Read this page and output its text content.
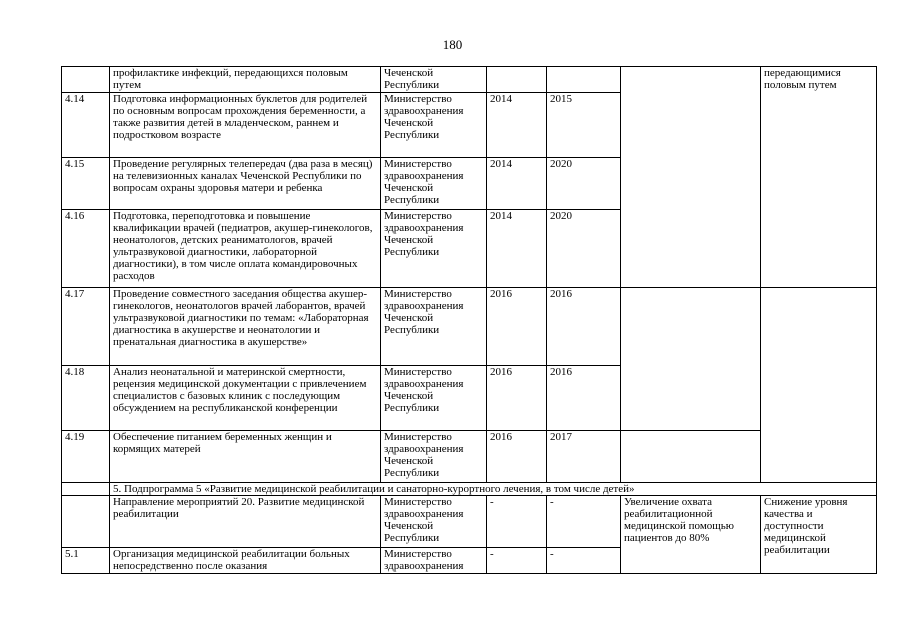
180
	профилактике инфекций, передающихся половым путем	Чеченской Республики				передающимися половым путем
4.14	Подготовка информационных буклетов для родителей по основным вопросам прохождения беременности, а также развития детей в младенческом, раннем и подростковом возрасте	Министерство здравоохранения Чеченской Республики	2014	2015		
4.15	Проведение регулярных телепередач (два раза в месяц) на телевизионных каналах Чеченской Республики по вопросам охраны здоровья матери и ребенка	Министерство здравоохранения Чеченской Республики	2014	2020		
4.16	Подготовка, переподготовка и повышение квалификации врачей (педиатров, акушер-гинекологов, неонатологов, детских реаниматологов, врачей ультразвуковой диагностики, лабораторной диагностики), в том числе оплата командировочных расходов	Министерство здравоохранения Чеченской Республики	2014	2020		
4.17	Проведение совместного заседания общества акушер-гинекологов, неонатологов врачей лаборантов, врачей ультразвуковой диагностики по темам: «Лабораторная диагностика в акушерстве и неонатологии и пренатальная диагностика в акушерстве»	Министерство здравоохранения Чеченской Республики	2016	2016		
4.18	Анализ неонатальной и материнской смертности, рецензия медицинской документации с привлечением специалистов с базовых клиник с последующим обсуждением на республиканской конференции	Министерство здравоохранения Чеченской Республики	2016	2016		
4.19	Обеспечение питанием беременных женщин и кормящих матерей	Министерство здравоохранения Чеченской Республики	2016	2017		
	5. Подпрограмма 5 «Развитие медицинской реабилитации и санаторно-курортного лечения, в том числе детей»					
	Направление мероприятий 20. Развитие медицинской реабилитации	Министерство здравоохранения Чеченской Республики	-	-	Увеличение охвата реабилитационной медицинской помощью пациентов до 80%	Снижение уровня качества и доступности медицинской реабилитации
5.1	Организация медицинской реабилитации больных непосредственно после оказания	Министерство здравоохранения	-	-		
